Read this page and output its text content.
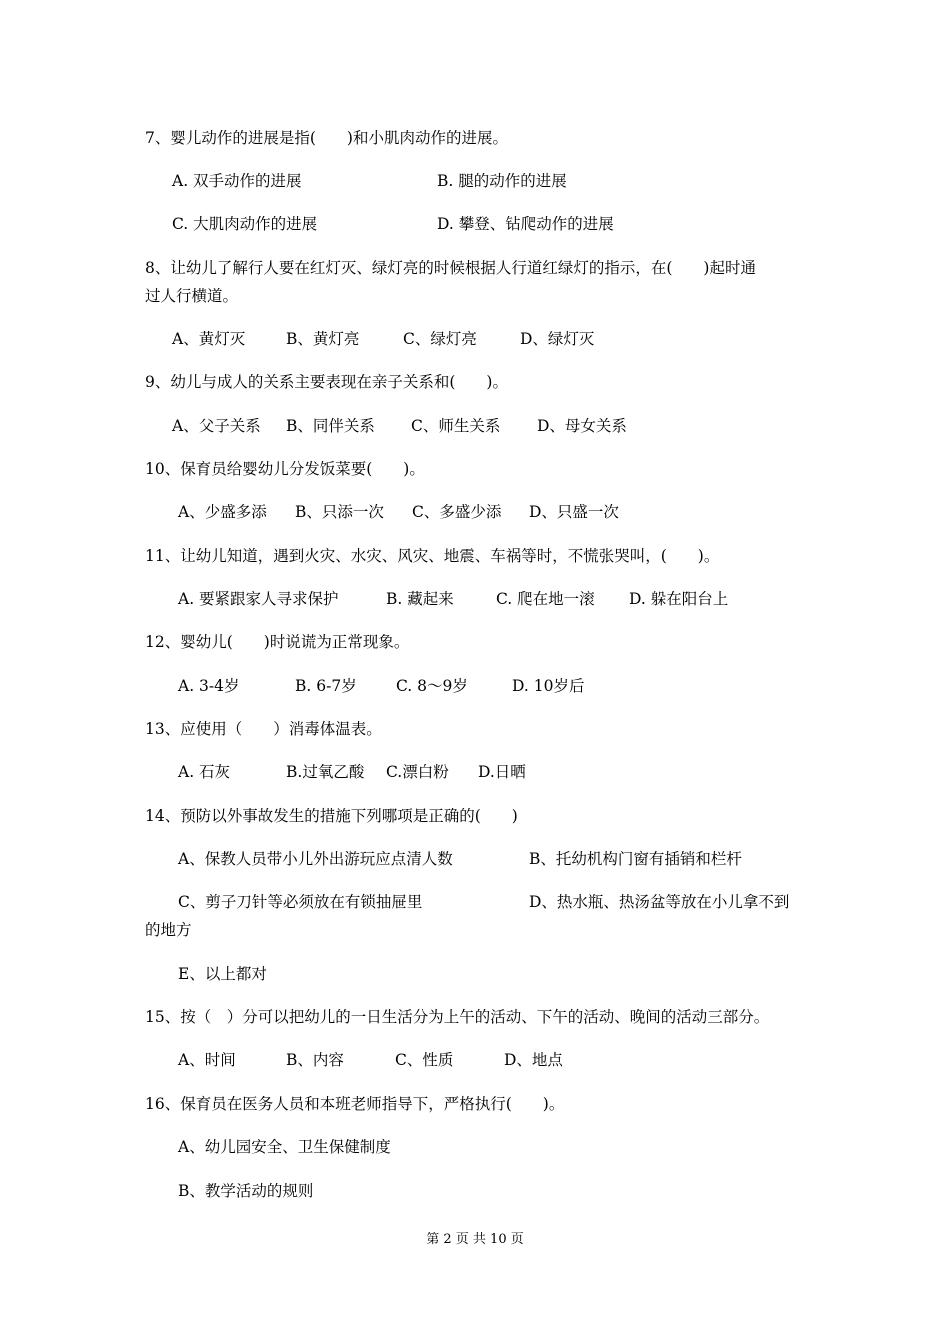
7、婴儿动作的进展是指(　　)和小肌肉动作的进展。
A. 双手动作的进展	B. 腿的动作的进展
C. 大肌肉动作的进展	D. 攀登、钻爬动作的进展
8、让幼儿了解行人要在红灯灭、绿灯亮的时候根据人行道红绿灯的指示，在(　　)起时通
过人行横道。
A、黄灯灭	B、黄灯亮	C、绿灯亮	D、绿灯灭
9、幼儿与成人的关系主要表现在亲子关系和(　　)。
A、父子关系 B、同伴关系 C、师生关系 D、母女关系
10、保育员给婴幼儿分发饭菜要(　　)。
A、少盛多添 B、只添一次 C、多盛少添 D、只盛一次
11、让幼儿知道，遇到火灾、水灾、风灾、地震、车祸等时，不慌张哭叫，(　　)。
A. 要紧跟家人寻求保护	B. 藏起来	C. 爬在地一滚 D. 躲在阳台上
12、婴幼儿(　　)时说谎为正常现象。
A. 3-4岁	B. 6-7岁	C. 8～9岁	D. 10岁后
13、应使用（　　）消毒体温表。
A. 石灰	B.过氧乙酸 C.漂白粉 D.日晒
14、预防以外事故发生的措施下列哪项是正确的(　　)
A、保教人员带小儿外出游玩应点清人数	B、托幼机构门窗有插销和栏杆
C、剪子刀针等必须放在有锁抽屉里	D、热水瓶、热汤盆等放在小儿拿不到
的地方
E、以上都对
15、按（　）分可以把幼儿的一日生活分为上午的活动、下午的活动、晚间的活动三部分。
A、时间	B、内容	C、性质	D、地点
16、保育员在医务人员和本班老师指导下，严格执行(　　)。
A、幼儿园安全、卫生保健制度
B、教学活动的规则
第 2 页 共 10 页
